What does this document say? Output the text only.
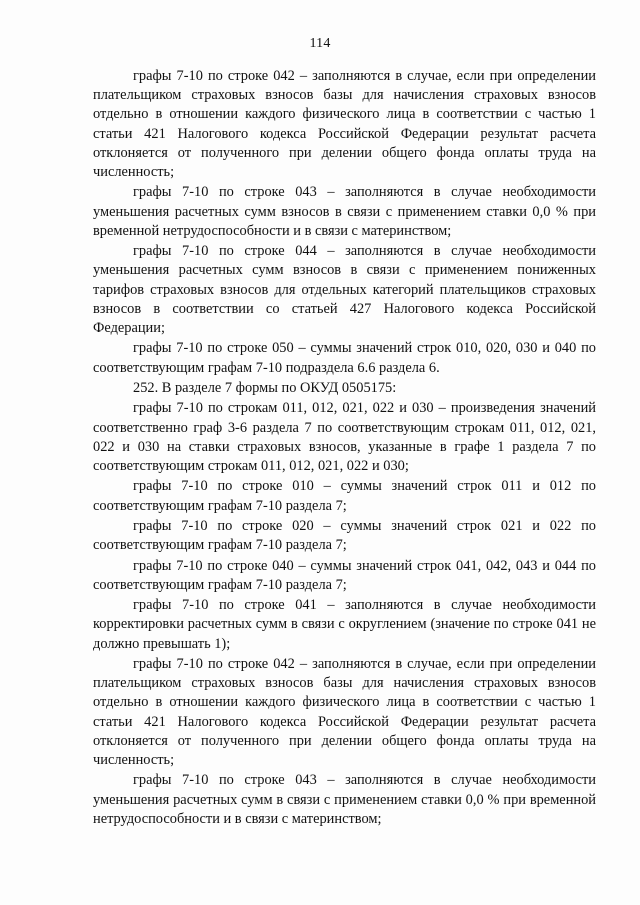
114

графы 7-10 по строке 042 – заполняются в случае, если при определении плательщиком страховых взносов базы для начисления страховых взносов отдельно в отношении каждого физического лица в соответствии с частью 1 статьи 421 Налогового кодекса Российской Федерации результат расчета отклоняется от полученного при делении общего фонда оплаты труда на численность;

графы 7-10 по строке 043 – заполняются в случае необходимости уменьшения расчетных сумм взносов в связи с применением ставки 0,0 % при временной нетрудоспособности и в связи с материнством;

графы 7-10 по строке 044 – заполняются в случае необходимости уменьшения расчетных сумм взносов в связи с применением пониженных тарифов страховых взносов для отдельных категорий плательщиков страховых взносов в соответствии со статьей 427 Налогового кодекса Российской Федерации;

графы 7-10 по строке 050 – суммы значений строк 010, 020, 030 и 040 по соответствующим графам 7-10 подраздела 6.6 раздела 6.

252. В разделе 7 формы по ОКУД 0505175:

графы 7-10 по строкам 011, 012, 021, 022 и 030 – произведения значений соответственно граф 3-6 раздела 7 по соответствующим строкам 011, 012, 021, 022 и 030 на ставки страховых взносов, указанные в графе 1 раздела 7 по соответствующим строкам 011, 012, 021, 022 и 030;

графы 7-10 по строке 010 – суммы значений строк 011 и 012 по соответствующим графам 7-10 раздела 7;

графы 7-10 по строке 020 – суммы значений строк 021 и 022 по соответствующим графам 7-10 раздела 7;

графы 7-10 по строке 040 – суммы значений строк 041, 042, 043 и 044 по соответствующим графам 7-10 раздела 7;

графы 7-10 по строке 041 – заполняются в случае необходимости корректировки расчетных сумм в связи с округлением (значение по строке 041 не должно превышать 1);

графы 7-10 по строке 042 – заполняются в случае, если при определении плательщиком страховых взносов базы для начисления страховых взносов отдельно в отношении каждого физического лица в соответствии с частью 1 статьи 421 Налогового кодекса Российской Федерации результат расчета отклоняется от полученного при делении общего фонда оплаты труда на численность;

графы 7-10 по строке 043 – заполняются в случае необходимости уменьшения расчетных сумм в связи с применением ставки 0,0 % при временной нетрудоспособности и в связи с материнством;
